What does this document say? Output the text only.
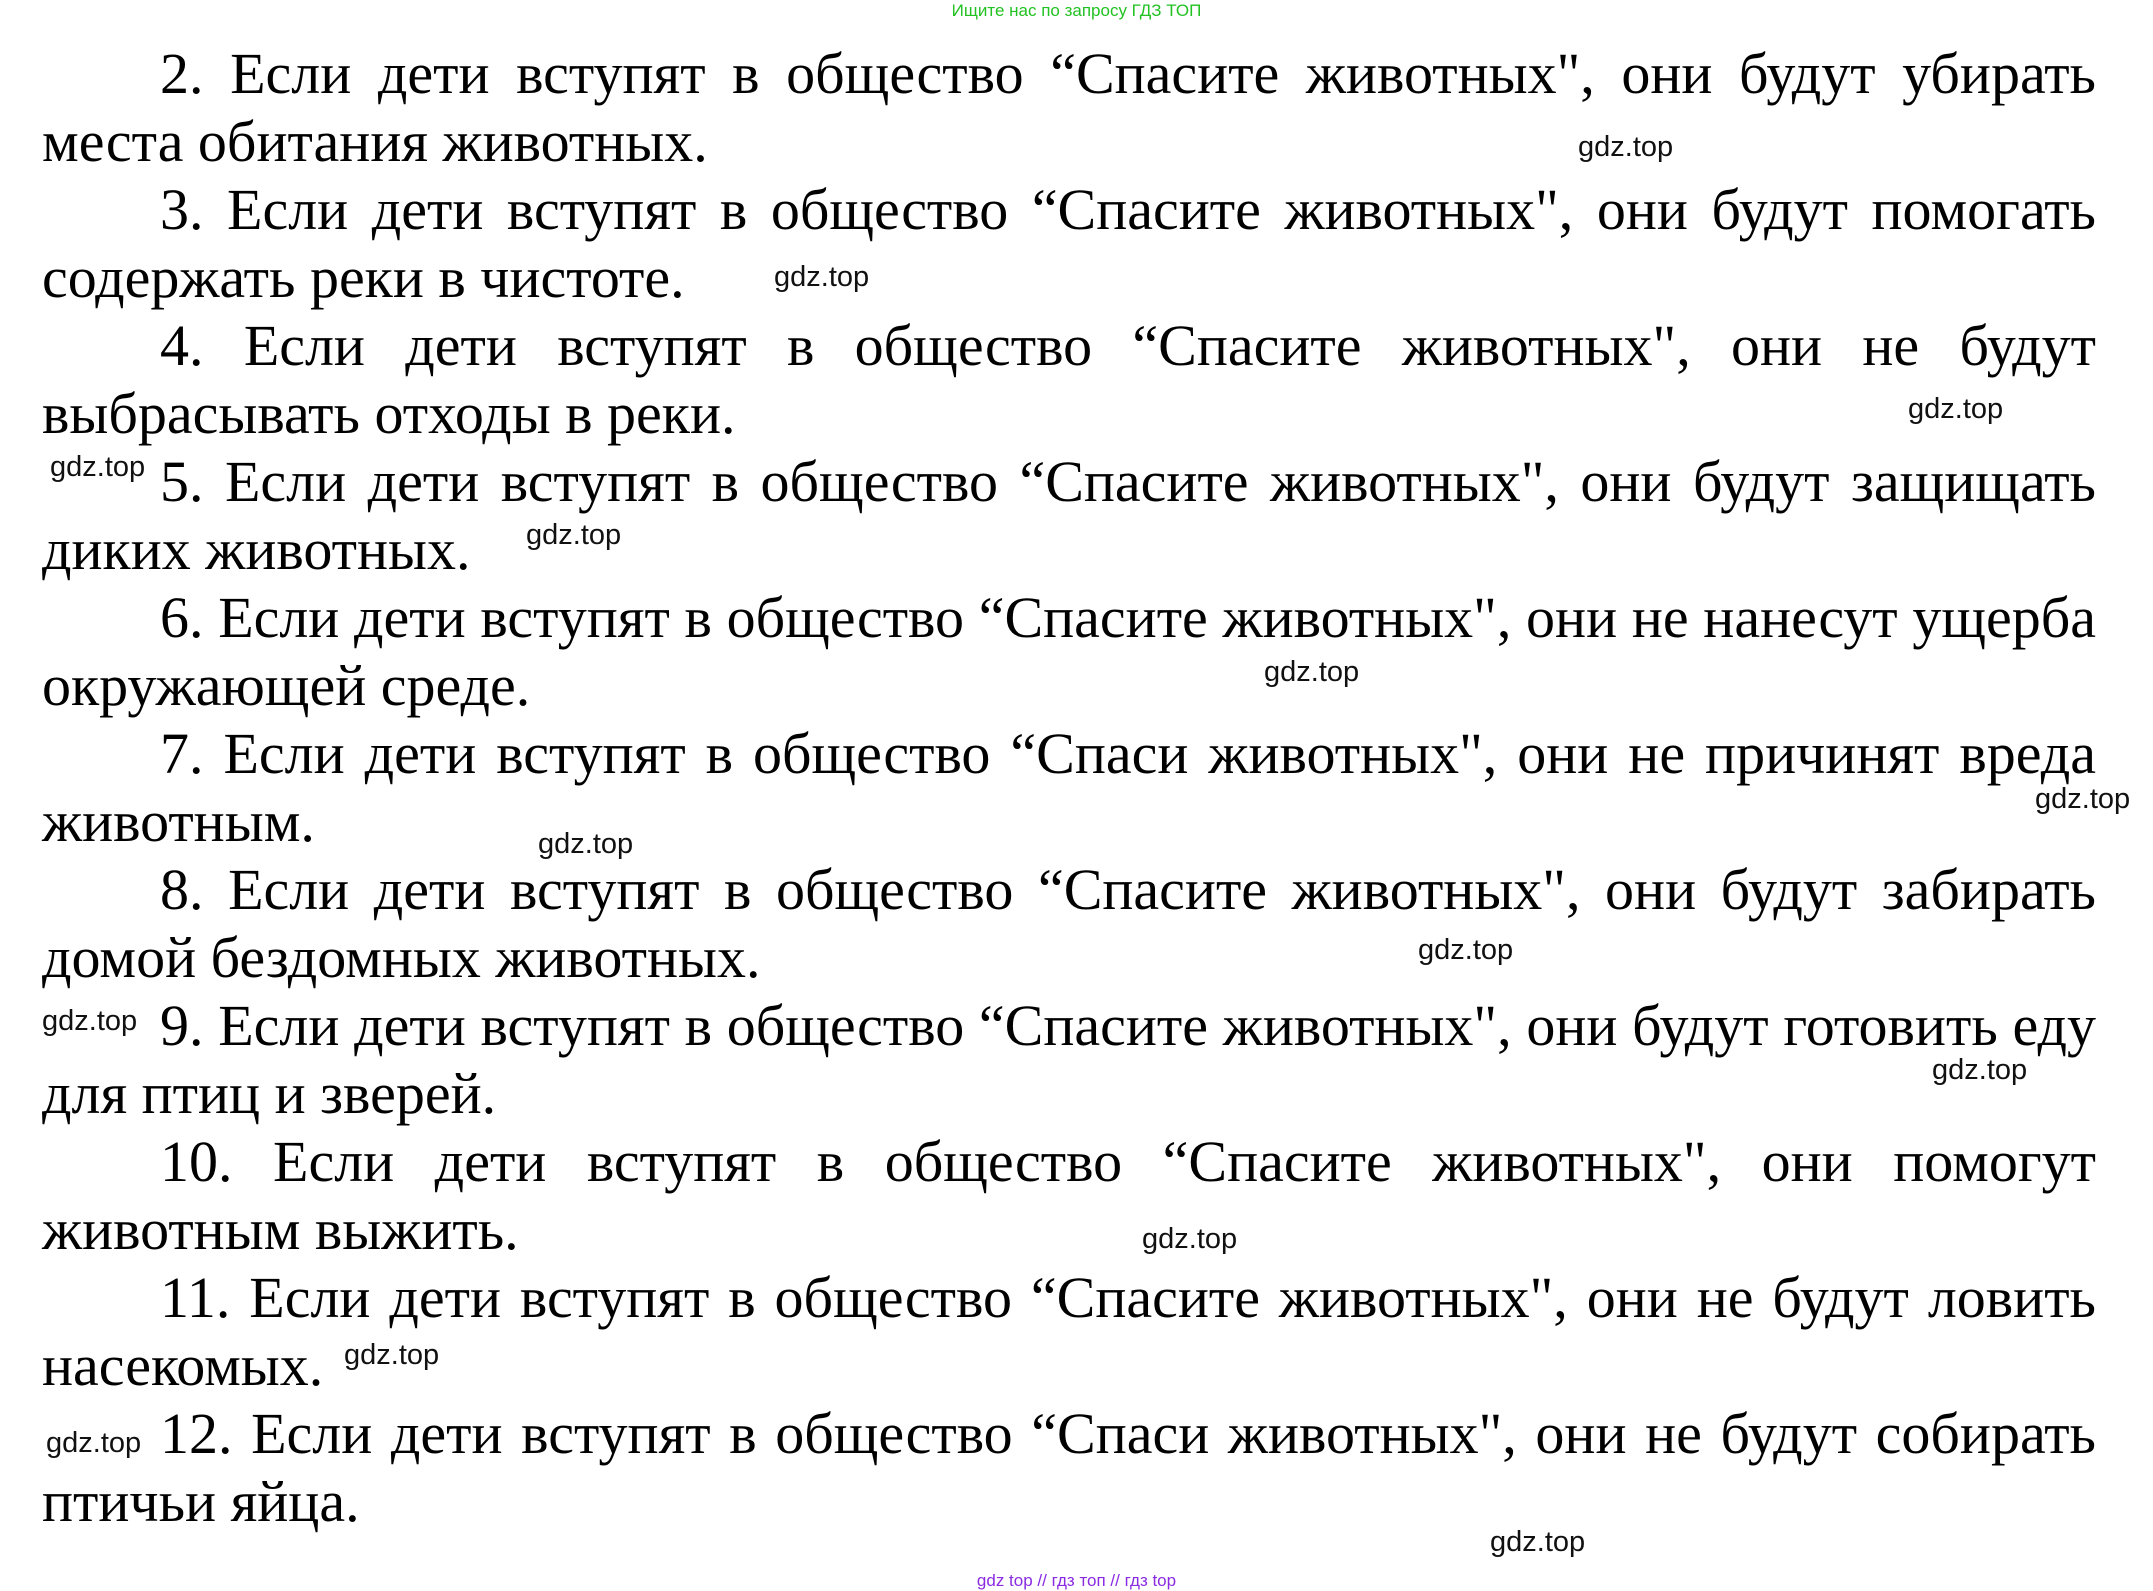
Ищите нас по запросу ГДЗ ТОП

2. Если дети вступят в общество “Спасите животных", они будут убирать места обитания животных.

3. Если дети вступят в общество “Спасите животных", они будут помогать содержать реки в чистоте.

4. Если дети вступят в общество “Спасите животных", они не будут выбрасывать отходы в реки.

5. Если дети вступят в общество “Спасите животных", они будут защищать диких животных.

6. Если дети вступят в общество “Спасите животных", они не нанесут ущерба окружающей среде.

7. Если дети вступят в общество “Спаси животных", они не причинят вреда животным.

8. Если дети вступят в общество “Спасите животных", они будут забирать домой бездомных животных.

9. Если дети вступят в общество “Спасите животных", они будут готовить еду для птиц и зверей.

10. Если дети вступят в общество “Спасите животных", они помогут животным выжить.

11. Если дети вступят в общество “Спасите животных", они не будут ловить насекомых.

12. Если дети вступят в общество “Спаси животных", они не будут собирать птичьи яйца.

gdz.top
gdz.top
gdz.top
gdz.top
gdz.top
gdz.top
gdz.top
gdz.top
gdz.top
gdz.top
gdz.top
gdz.top
gdz.top
gdz.top
gdz.top
gdz top // гдз топ // гдз top
